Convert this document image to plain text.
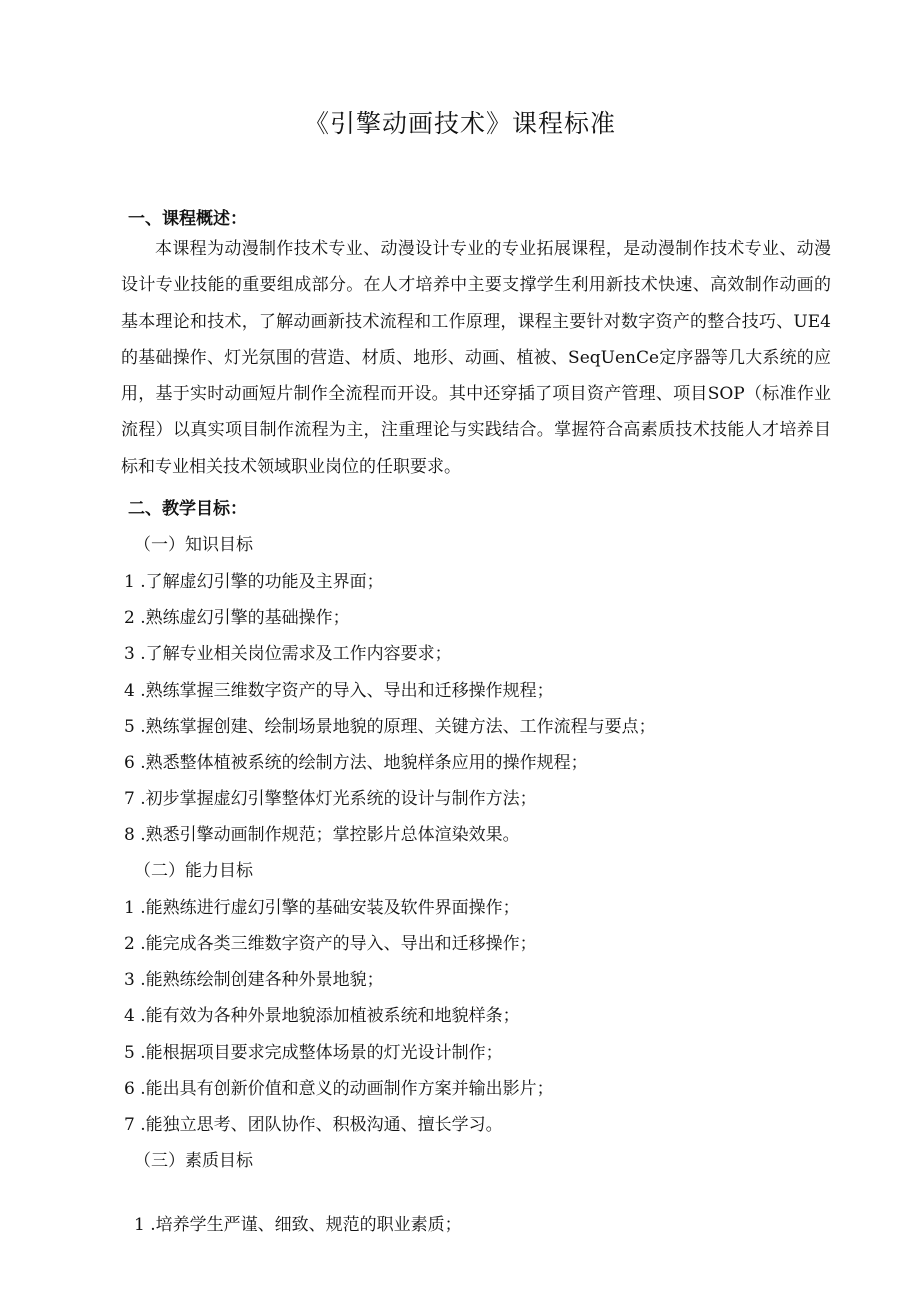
《引擎动画技术》课程标准
一、课程概述：

本课程为动漫制作技术专业、动漫设计专业的专业拓展课程，是动漫制作技术专业、动漫设计专业技能的重要组成部分。在人才培养中主要支撑学生利用新技术快速、高效制作动画的基本理论和技术，了解动画新技术流程和工作原理，课程主要针对数字资产的整合技巧、UE4的基础操作、灯光氛围的营造、材质、地形、动画、植被、SeqUenCe定序器等几大系统的应用，基于实时动画短片制作全流程而开设。其中还穿插了项目资产管理、项目SOP（标准作业流程）以真实项目制作流程为主，注重理论与实践结合。掌握符合高素质技术技能人才培养目标和专业相关技术领域职业岗位的任职要求。

二、教学目标：
（一）知识目标
1 .了解虚幻引擎的功能及主界面；
2 .熟练虚幻引擎的基础操作；
3 .了解专业相关岗位需求及工作内容要求；
4 .熟练掌握三维数字资产的导入、导出和迁移操作规程；
5 .熟练掌握创建、绘制场景地貌的原理、关键方法、工作流程与要点；
6 .熟悉整体植被系统的绘制方法、地貌样条应用的操作规程；
7 .初步掌握虚幻引擎整体灯光系统的设计与制作方法；
8 .熟悉引擎动画制作规范；掌控影片总体渲染效果。
（二）能力目标
1 .能熟练进行虚幻引擎的基础安装及软件界面操作；
2 .能完成各类三维数字资产的导入、导出和迁移操作；
3 .能熟练绘制创建各种外景地貌；
4 .能有效为各种外景地貌添加植被系统和地貌样条；
5 .能根据项目要求完成整体场景的灯光设计制作；
6 .能出具有创新价值和意义的动画制作方案并输出影片；
7 .能独立思考、团队协作、积极沟通、擅长学习。
（三）素质目标
1 .培养学生严谨、细致、规范的职业素质；
